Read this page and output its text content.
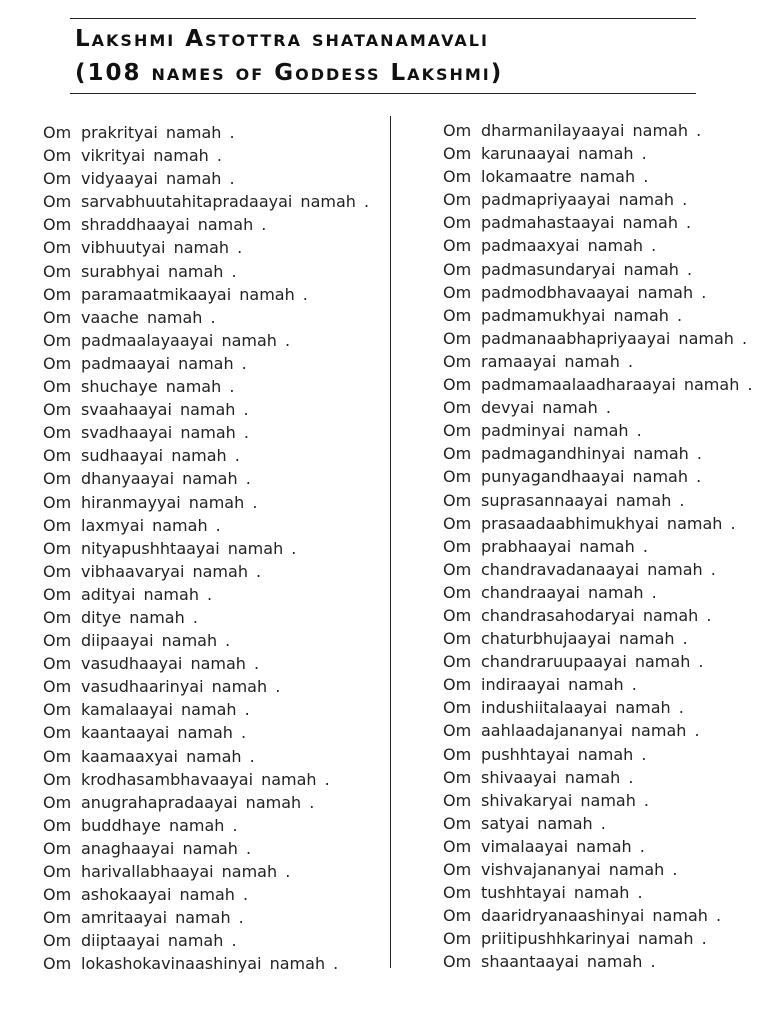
Lakshmi Astottra shatanamavali
(108 names of Goddess Lakshmi)
Om prakrityai namah .
Om vikrityai namah .
Om vidyaayai namah .
Om sarvabhuutahitapradaayai namah .
Om shraddhaayai namah .
Om vibhuutyai namah .
Om surabhyai namah .
Om paramaatmikaayai namah .
Om vaache namah .
Om padmaalayaayai namah .
Om padmaayai namah .
Om shuchaye namah .
Om svaahaayai namah .
Om svadhaayai namah .
Om sudhaayai namah .
Om dhanyaayai namah .
Om hiranmayyai namah .
Om laxmyai namah .
Om nityapushhtaayai namah .
Om vibhaavaryai namah .
Om adityai namah .
Om ditye namah .
Om diipaayai namah .
Om vasudhaayai namah .
Om vasudhaarinyai namah .
Om kamalaayai namah .
Om kaantaayai namah .
Om kaamaaxyai namah .
Om krodhasambhavaayai namah .
Om anugrahapradaayai namah .
Om buddhaye namah .
Om anaghaayai namah .
Om harivallabhaayai namah .
Om ashokaayai namah .
Om amritaayai namah .
Om diiptaayai namah .
Om lokashokavinaashinyai namah .
Om dharmanilayaayai namah .
Om karunaayai namah .
Om lokamaatre namah .
Om padmapriyaayai namah .
Om padmahastaayai namah .
Om padmaaxyai namah .
Om padmasundaryai namah .
Om padmodbhavaayai namah .
Om padmamukhyai namah .
Om padmanaabhapriyaayai namah .
Om ramaayai namah .
Om padmamaalaadharaayai namah .
Om devyai namah .
Om padminyai namah .
Om padmagandhinyai namah .
Om punyagandhaayai namah .
Om suprasannaayai namah .
Om prasaadaabhimukhyai namah .
Om prabhaayai namah .
Om chandravadanaayai namah .
Om chandraayai namah .
Om chandrasahodaryai namah .
Om chaturbhujaayai namah .
Om chandraruupaayai namah .
Om indiraayai namah .
Om indushiitalaayai namah .
Om aahlaadajananyai namah .
Om pushhtayai namah .
Om shivaayai namah .
Om shivakaryai namah .
Om satyai namah .
Om vimalaayai namah .
Om vishvajananyai namah .
Om tushhtayai namah .
Om daaridryanaashinyai namah .
Om priitipushhkarinyai namah .
Om shaantaayai namah .
